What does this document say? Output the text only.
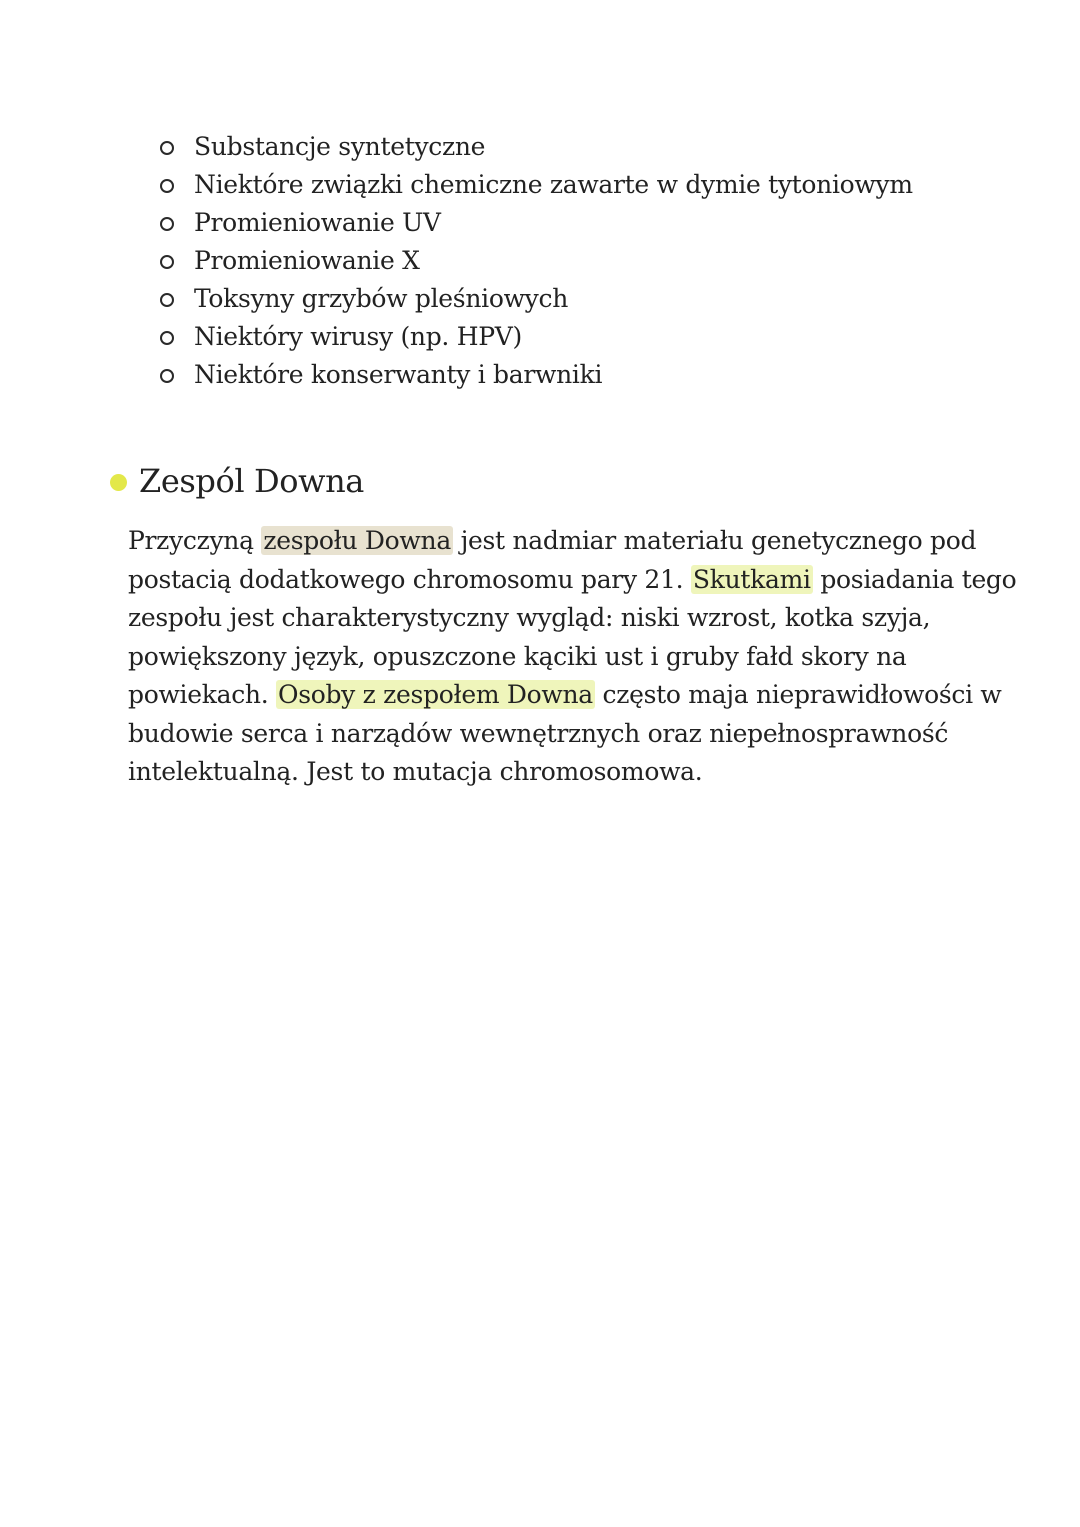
Substancje syntetyczne
Niektóre związki chemiczne zawarte w dymie tytoniowym
Promieniowanie UV
Promieniowanie X
Toksyny grzybów pleśniowych
Niektóry wirusy (np. HPV)
Niektóre konserwanty i barwniki
Zespól Downa

Przyczyną zespołu Downa jest nadmiar materiału genetycznego pod
postacią dodatkowego chromosomu pary 21. Skutkami posiadania tego
zespołu jest charakterystyczny wygląd: niski wzrost, kotka szyja,
powiększony język, opuszczone kąciki ust i gruby fałd skory na
powiekach. Osoby z zespołem Downa często maja nieprawidłowości w
budowie serca i narządów wewnętrznych oraz niepełnosprawność
intelektualną. Jest to mutacja chromosomowa.
